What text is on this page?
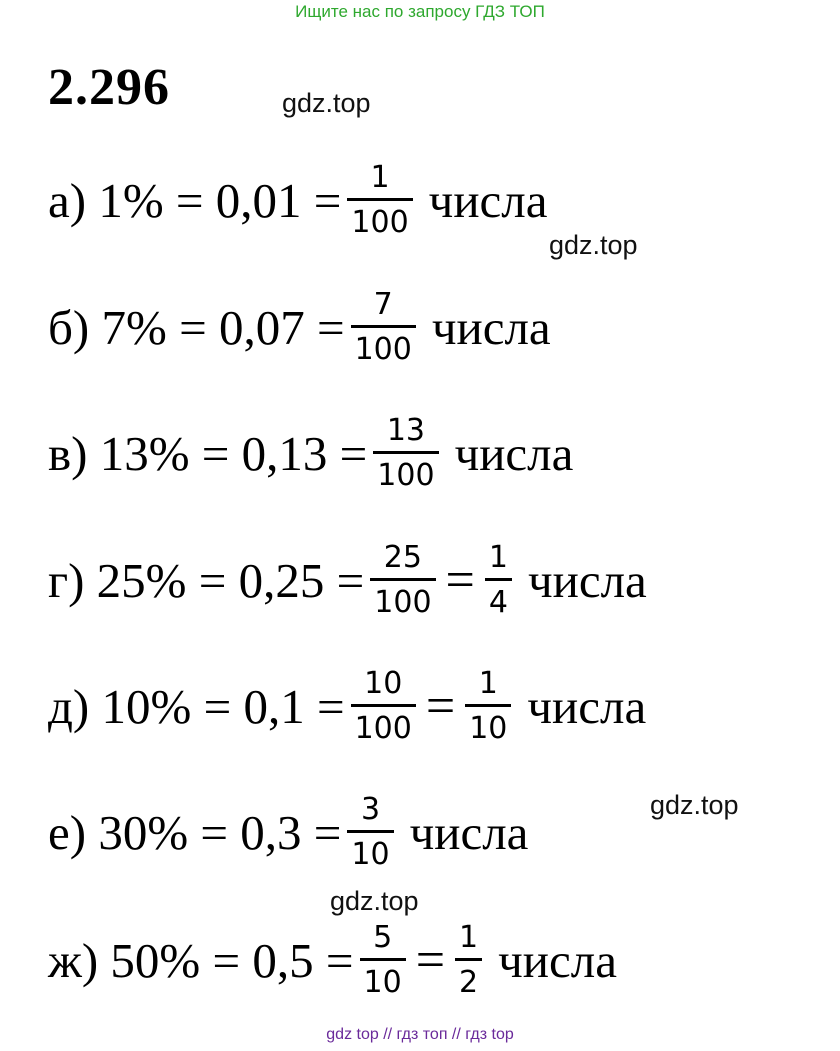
Ищите нас по запросу ГДЗ ТОП
2.296	gdz.top
gdz.top
gdz.top
gdz.top
а) $1\% = 0,01 = \frac{1}{100}$ числа
б) $7\% = 0,07 = \frac{7}{100}$ числа
в) $13\% = 0,13 = \frac{13}{100}$ числа
г) $25\% = 0,25 = \frac{25}{100} = \frac{1}{4}$ числа
д) $10\% = 0,1 = \frac{10}{100} = \frac{1}{10}$ числа
е) $30\% = 0,3 = \frac{3}{10}$ числа
ж) $50\% = 0,5 = \frac{5}{10} = \frac{1}{2}$ числа
gdz top // гдз топ // гдз top
